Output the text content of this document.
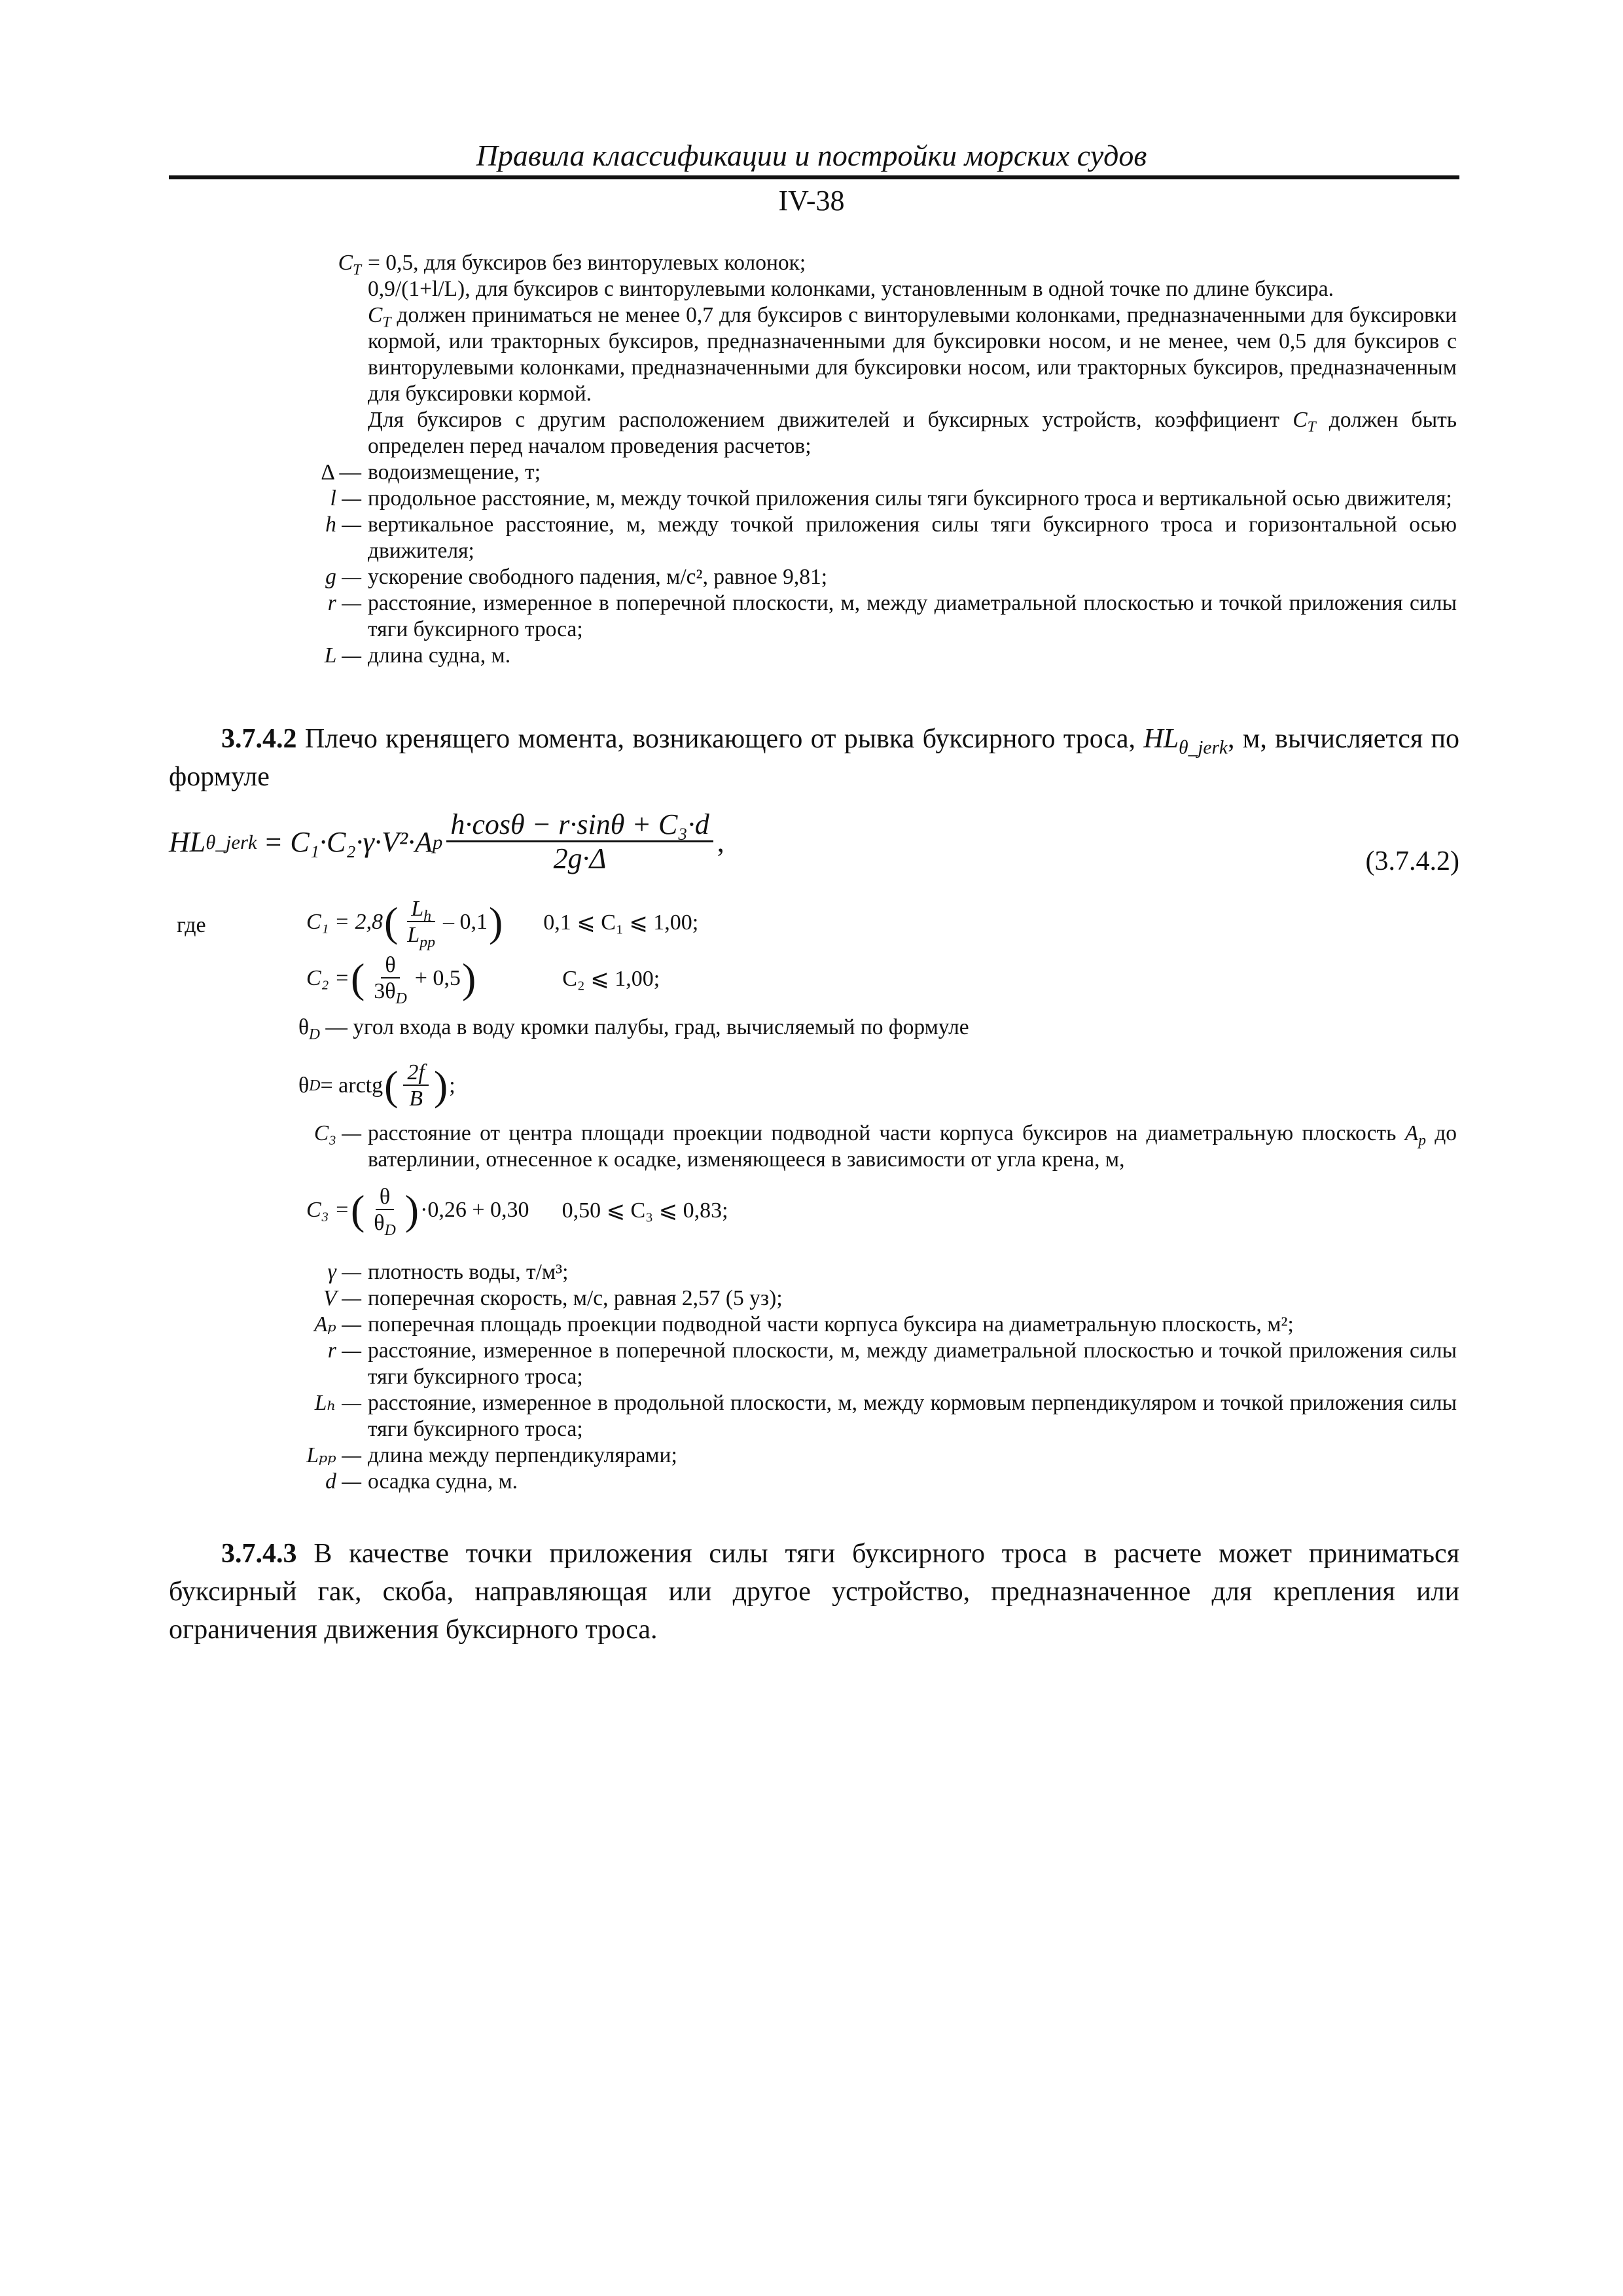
Правила классификации и постройки морских судов
IV-38
$C_T = 0,5$, для буксиров без винторулевых колонок;
0,9/(1+l/L), для буксиров с винторулевыми колонками, установленным в одной точке по длине буксира.
$C_T$ должен приниматься не менее 0,7 для буксиров с винторулевыми колонками, предназначенными для буксировки кормой, или тракторных буксиров, предназначенными для буксировки носом, и не менее, чем 0,5 для буксиров с винторулевыми колонками, предназначенными для буксировки носом, или тракторных буксиров, предназначенным для буксировки кормой.
Для буксиров с другим расположением движителей и буксирных устройств, коэффициент $C_T$ должен быть определен перед началом проведения расчетов;
Δ — водоизмещение, т;
l — продольное расстояние, м, между точкой приложения силы тяги буксирного троса и вертикальной осью движителя;
h — вертикальное расстояние, м, между точкой приложения силы тяги буксирного троса и горизонтальной осью движителя;
g — ускорение свободного падения, м/с², равное 9,81;
r — расстояние, измеренное в поперечной плоскости, м, между диаметральной плоскостью и точкой приложения силы тяги буксирного троса;
L — длина судна, м.
3.7.4.2 Плечо кренящего момента, возникающего от рывка буксирного троса, $HL_{\theta\_jerk}$, м, вычисляется по формуле
HL θ_jerk = C₁·C₂·γ·V²·A p $\frac{\text{h·cosθ − r·sinθ + C₃·d}}{2g\cdot\Delta}$ ,
(3.7.4.2)
где	C₁ = 2,8 ( $\frac{L_h}{L_{pp}} - 0,1$ ) 0,1 ⩽ C₁ ⩽ 1,00;
C₂ = ( $\frac{\theta}{3\theta_D} + 0,5$ )	C₂ ⩽ 1,00;
$\theta_D$ — угол входа в воду кромки палубы, град, вычисляемый по формуле
θ D = arctg ( $\frac{2f}{B}$ ) ;
C₃ — расстояние от центра площади проекции подводной части корпуса буксиров на диаметральную плоскость $A_p$ до ватерлинии, отнесенное к осадке, изменяющееся в зависимости от угла крена, м,
C₃ = ( $\frac{\theta}{\theta_D}$ ) ·0,26 + 0,30 0,50 ⩽ C₃ ⩽ 0,83;
γ — плотность воды, т/м³;
V — поперечная скорость, м/с, равная 2,57 (5 уз);
Aₚ — поперечная площадь проекции подводной части корпуса буксира на диаметральную плоскость, м²;
r — расстояние, измеренное в поперечной плоскости, м, между диаметральной плоскостью и точкой приложения силы тяги буксирного троса;
Lₕ — расстояние, измеренное в продольной плоскости, м, между кормовым перпендикуляром и точкой приложения силы тяги буксирного троса;
Lₚₚ — длина между перпендикулярами;
d — осадка судна, м.
3.7.4.3 В качестве точки приложения силы тяги буксирного троса в расчете может приниматься буксирный гак, скоба, направляющая или другое устройство, предназначенное для крепления или ограничения движения буксирного троса.
